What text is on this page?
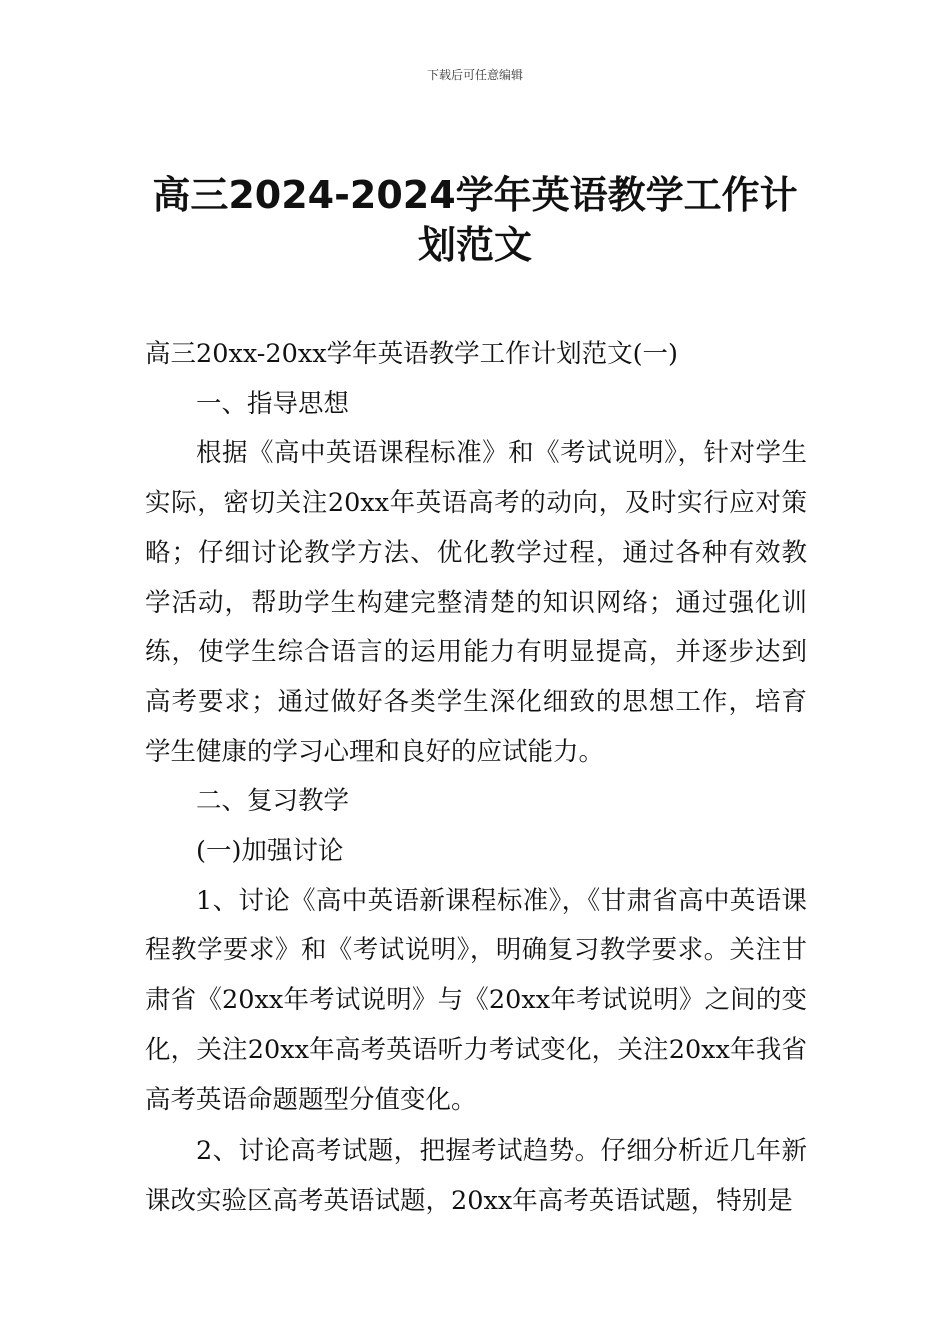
下载后可任意编辑
高三2024-2024学年英语教学工作计划范文

高三20xx-20xx学年英语教学工作计划范文(一)

一、指导思想

根据《高中英语课程标准》和《考试说明》，针对学生实际，密切关注20xx年英语高考的动向，及时实行应对策略；仔细讨论教学方法、优化教学过程，通过各种有效教学活动，帮助学生构建完整清楚的知识网络；通过强化训练，使学生综合语言的运用能力有明显提高，并逐步达到高考要求；通过做好各类学生深化细致的思想工作，培育学生健康的学习心理和良好的应试能力。

二、复习教学

(一)加强讨论

1、讨论《高中英语新课程标准》，《甘肃省高中英语课程教学要求》和《考试说明》，明确复习教学要求。关注甘肃省《20xx年考试说明》与《20xx年考试说明》之间的变化，关注20xx年高考英语听力考试变化，关注20xx年我省高考英语命题题型分值变化。

2、讨论高考试题，把握考试趋势。仔细分析近几年新课改实验区高考英语试题，20xx年高考英语试题，特别是
